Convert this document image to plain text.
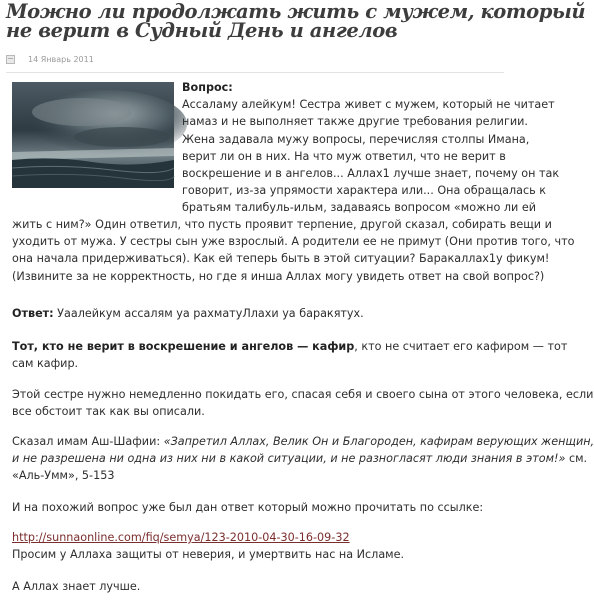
Можно ли продолжать жить с мужем, который
не верит в Судный День и ангелов
14 Январь 2011
Вопрос:
Ассаламу алейкум! Сестра живет с мужем, который не читает
намаз и не выполняет также другие требования религии.
Жена задавала мужу вопросы, перечисляя столпы Имана,
верит ли он в них. На что муж ответил, что не верит в
воскрешение и в ангелов... Аллах1 лучше знает, почему он так
говорит, из-за упрямости характера или... Она обращалась к
братьям талибуль-ильм, задаваясь вопросом «можно ли ей
жить с ним?» Один ответил, что пусть проявит терпение, другой сказал, собирать вещи и
уходить от мужа. У сестры сын уже взрослый. А родители ее не примут (Они против того, что
она начала придерживаться). Как ей теперь быть в этой ситуации? Баракаллах1у фикум!
(Извините за не корректность, но где я инша Аллах могу увидеть ответ на свой вопрос?)
Ответ: Уаалейкум ассалям уа рахматуЛлахи уа баракятух.
Тот, кто не верит в воскрешение и ангелов — кафир, кто не считает его кафиром — тот
сам кафир.
Этой сестре нужно немедленно покидать его, спасая себя и своего сына от этого человека, если
все обстоит так как вы описали.
Сказал имам Аш-Шафии: «Запретил Аллах, Велик Он и Благороден, кафирам верующих женщин,
и не разрешена ни одна из них ни в какой ситуации, и не разногласят люди знания в этом!» см.
«Аль-Умм», 5-153
И на похожий вопрос уже был дан ответ который можно прочитать по ссылке:
http://sunnaonline.com/fiq/semya/123-2010-04-30-16-09-32
Просим у Аллаха защиты от неверия, и умертвить нас на Исламе.
А Аллах знает лучше.
